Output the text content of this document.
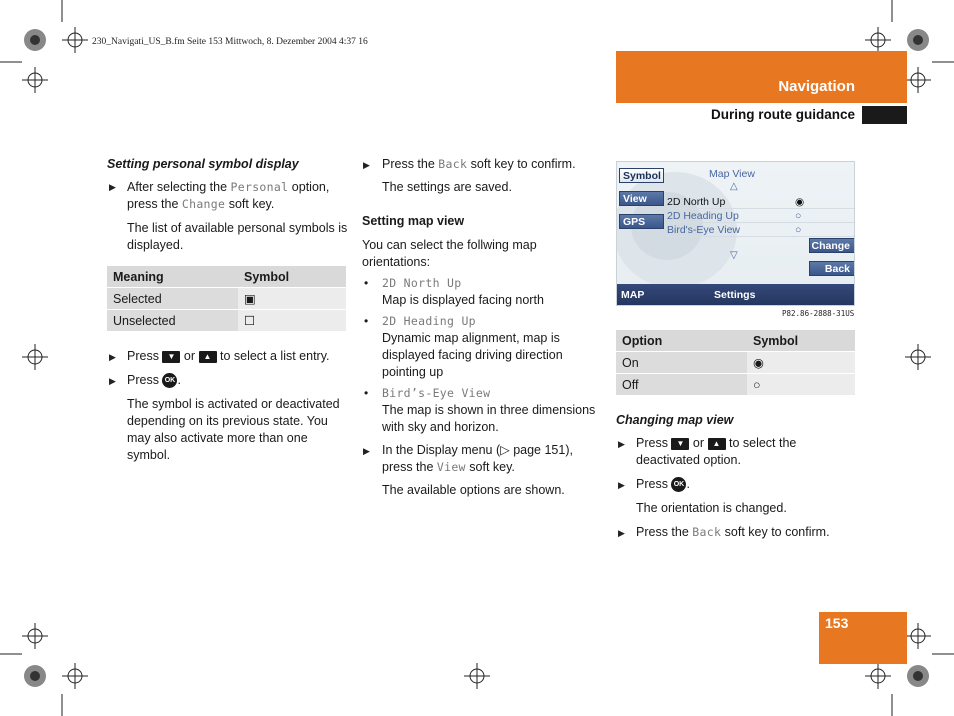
230_Navigati_US_B.fm Seite 153 Mittwoch, 8. Dezember 2004 4:37 16
Navigation
During route guidance
153
Setting personal symbol display
▶ After selecting the Personal option,
press the Change soft key.
The list of available personal symbols is
displayed.
Meaning	Symbol
Selected	▣
Unselected	☐
▶ Press ▼ or ▲ to select a list entry.
▶ Press OK .
The symbol is activated or deactivated
depending on its previous state. You
may also activate more than one
symbol.
▶ Press the Back soft key to confirm.
The settings are saved.
Setting map view
You can select the follwing map
orientations:
• 2D North Up
Map is displayed facing north
• 2D Heading Up
Dynamic map alignment, map is
displayed facing driving direction
pointing up
• Bird’s-Eye View
The map is shown in three dimensions
with sky and horizon.
▶ In the Display menu (▷ page 151),
press the View soft key.
The available options are shown.
Symbol
View
GPS
Map View
△
2D North Up	◉
2D Heading Up	○
Bird's-Eye View	○
Change
▽
Back
MAP	Settings
P82.86-2888-31US
Option	Symbol
On	◉
Off	○
Changing map view
▶ Press ▼ or ▲ to select the
deactivated option.
▶ Press OK .
The orientation is changed.
▶ Press the Back soft key to confirm.
